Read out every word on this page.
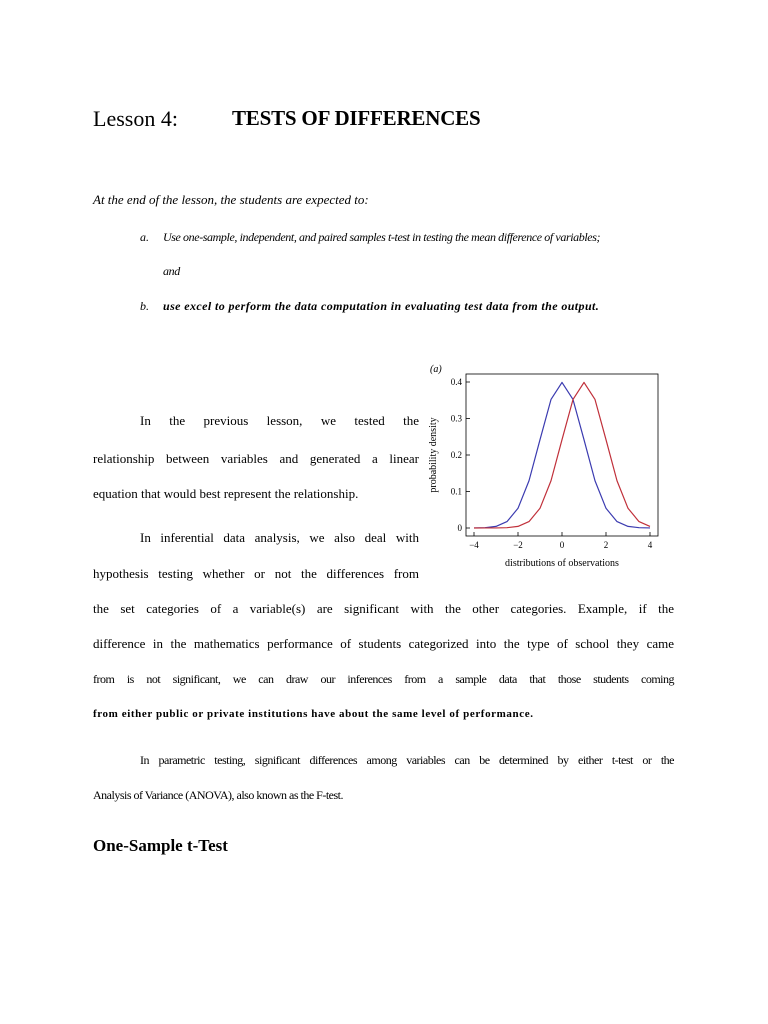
Lesson 4:	TESTS OF DIFFERENCES
At the end of the lesson, the students are expected to:
a. Use one-sample, independent, and paired samples t-test in testing the mean difference of variables;
and
b. use excel to perform the data computation in evaluating test data from the output.
In the previous lesson, we tested the
relationship between variables and generated a linear
equation that would best represent the relationship.
In inferential data analysis, we also deal with
hypothesis testing whether or not the differences from
the set categories of a variable(s) are significant with the other categories. Example, if the
difference in the mathematics performance of students categorized into the type of school they came
from is not significant, we can draw our inferences from a sample data that those students coming
from either public or private institutions have about the same level of performance.
In parametric testing, significant differences among variables can be determined by either t-test or the
Analysis of Variance (ANOVA), also known as the F-test.
One-Sample t-Test
(a)
0
0.1
0.2
0.3
0.4
−4	−2	0	2	4
distributions of observations
probability density
